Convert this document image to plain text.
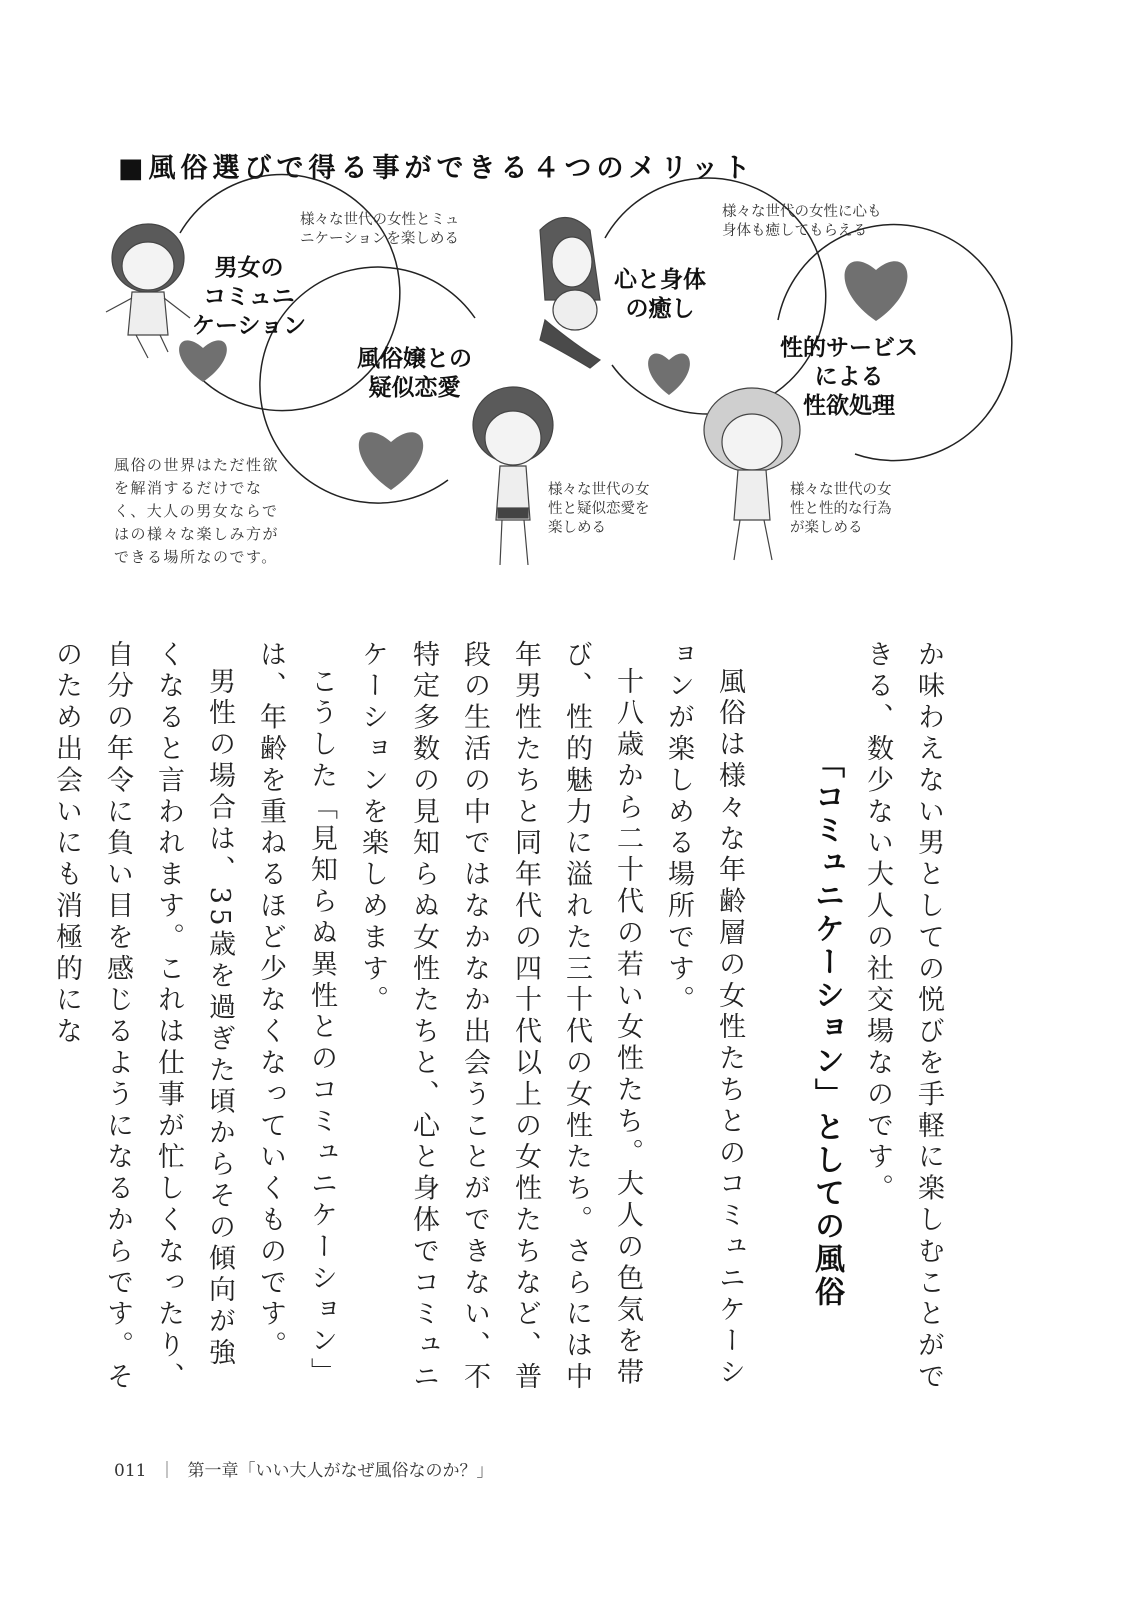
■風俗選びで得る事ができる４つのメリット

男女の
コミュニ
ケーション

様々な世代の女性とミュ
ニケーションを楽しめる

心と身体
の癒し

様々な世代の女性に心も
身体も癒してもらえる

風俗嬢との
疑似恋愛

様々な世代の女
性と疑似恋愛を
楽しめる

性的サービス
による
性欲処理

様々な世代の女
性と性的な行為
が楽しめる

風俗の世界はただ性欲
を解消するだけでな
く、大人の男女ならで
はの様々な楽しみ方が
できる場所なのです。

か味わえない男としての悦びを手軽に楽しむことができる、数少ない大人の社交場なのです。

「コミュニケーション」としての風俗

風俗は様々な年齢層の女性たちとのコミュニケーションが楽しめる場所です。

十八歳から二十代の若い女性たち。大人の色気を帯び、性的魅力に溢れた三十代の女性たち。さらには中年男性たちと同年代の四十代以上の女性たちなど、普段の生活の中ではなかなか出会うことができない、不特定多数の見知らぬ女性たちと、心と身体でコミュニケーションを楽しめます。

こうした「見知らぬ異性とのコミュニケーション」は、年齢を重ねるほど少なくなっていくものです。

男性の場合は、35歳を過ぎた頃からその傾向が強くなると言われます。これは仕事が忙しくなったり、自分の年令に負い目を感じるようになるからです。そのため出会いにも消極的にな

011 ｜ 第一章「いい大人がなぜ風俗なのか？」
